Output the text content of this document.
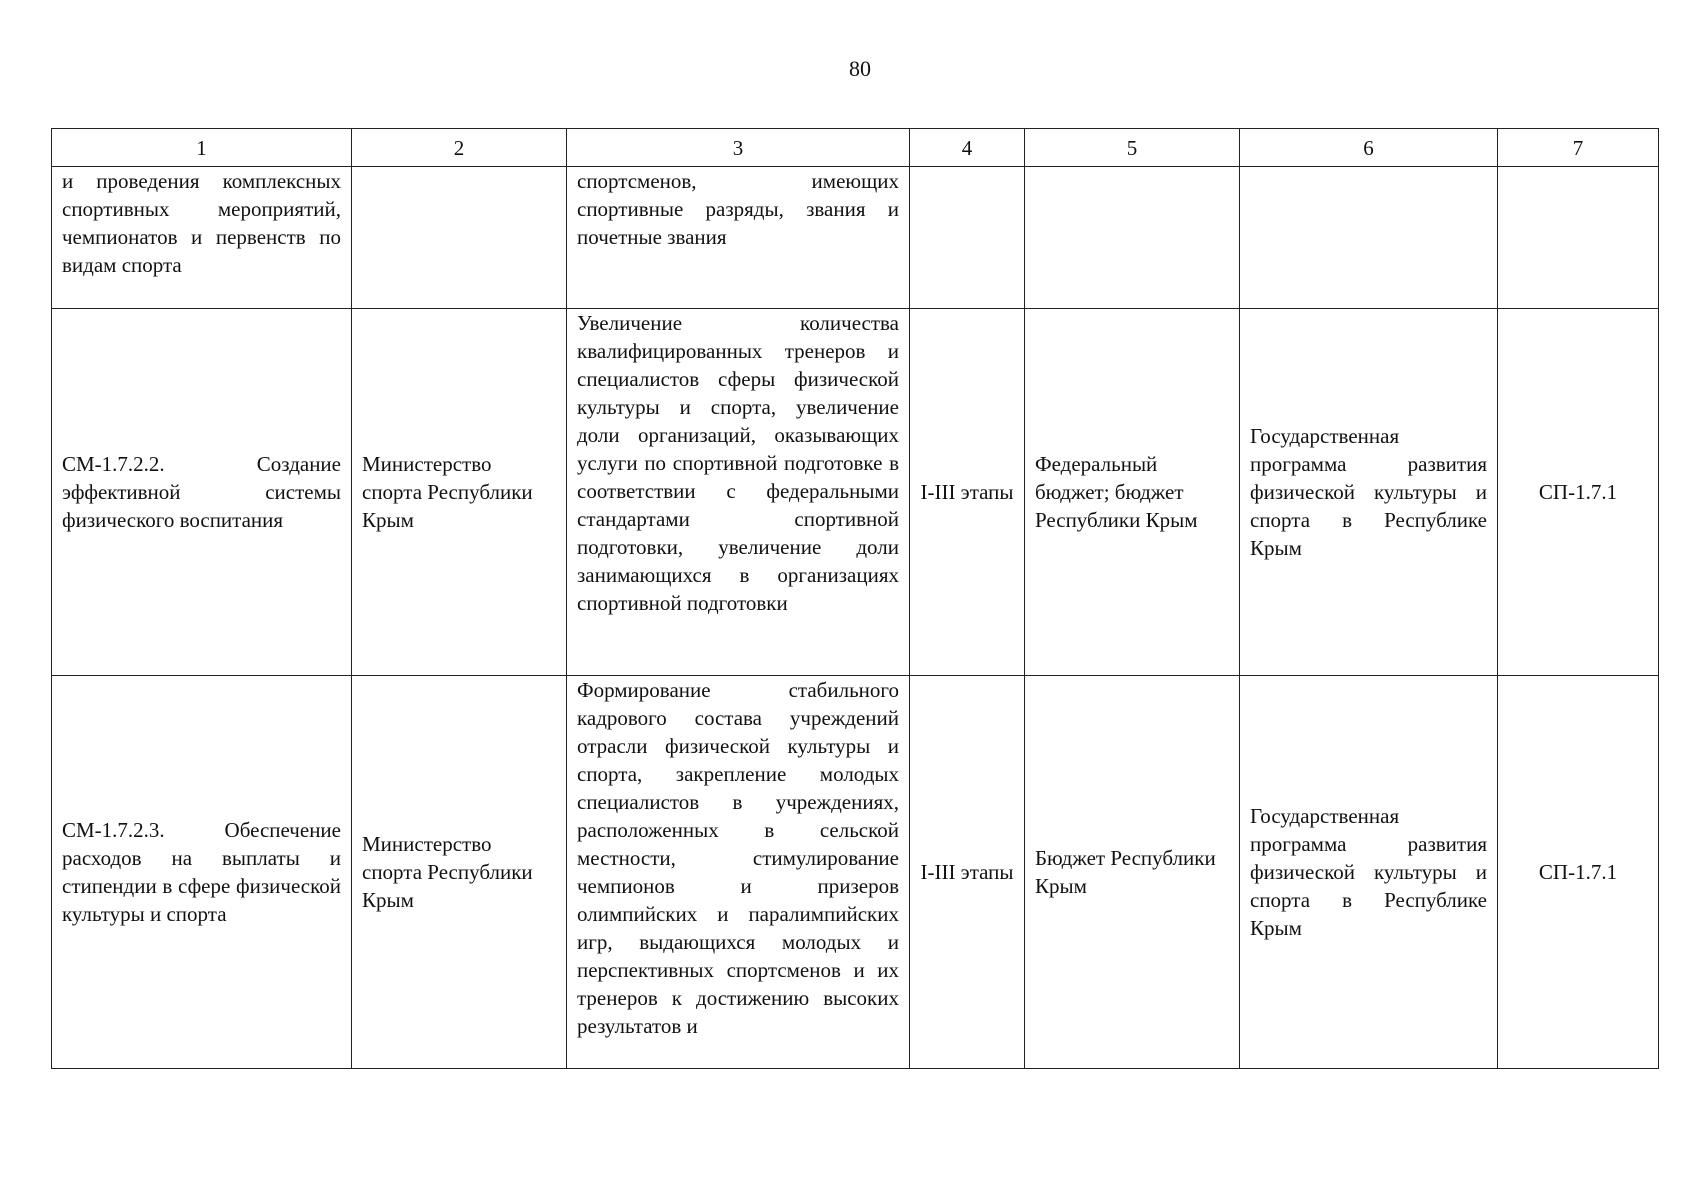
80
1	2	3	4	5	6	7
и проведения комплексных спортивных мероприятий, чемпионатов и первенств по видам спорта		спортсменов, имеющих спортивные разряды, звания и почетные звания				
СМ-1.7.2.2. Создание эффективной системы физического воспитания	Министерство спорта Республики Крым	Увеличение количества квалифицированных тренеров и специалистов сферы физической культуры и спорта, увеличение доли организаций, оказывающих услуги по спортивной подготовке в соответствии с федеральными стандартами спортивной подготовки, увеличение доли занимающихся в организациях спортивной подготовки	I-III этапы	Федеральный бюджет; бюджет Республики Крым	Государственная программа развития физической культуры и спорта в Республике Крым	СП-1.7.1
СМ-1.7.2.3. Обеспечение расходов на выплаты и стипендии в сфере физической культуры и спорта	Министерство спорта Республики Крым	Формирование стабильного кадрового состава учреждений отрасли физической культуры и спорта, закрепление молодых специалистов в учреждениях, расположенных в сельской местности, стимулирование чемпионов и призеров олимпийских и паралимпийских игр, выдающихся молодых и перспективных спортсменов и их тренеров к достижению высоких результатов и	I-III этапы	Бюджет Республики Крым	Государственная программа развития физической культуры и спорта в Республике Крым	СП-1.7.1
